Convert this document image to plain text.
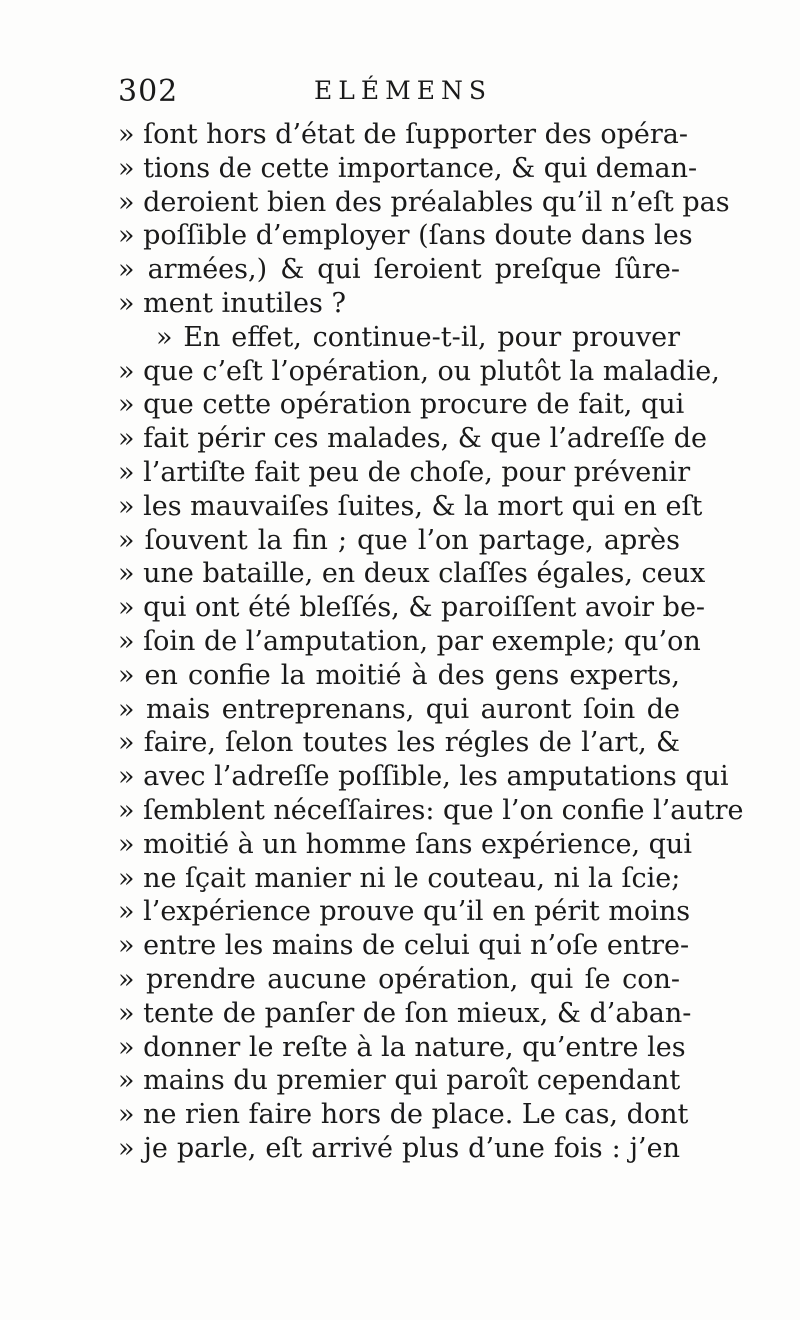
302	ELÉMENS
» ſont hors d’état de ſupporter des opéra-
» tions de cette importance, & qui deman-
» deroient bien des préalables qu’il n’eſt pas
» poſſible d’employer (ſans doute dans les
» armées,) & qui ſeroient preſque ſûre-
» ment inutiles ?
» En effet, continue-t-il, pour prouver
» que c’eſt l’opération, ou plutôt la maladie,
» que cette opération procure de fait, qui
» fait périr ces malades, & que l’adreſſe de
» l’artiſte fait peu de choſe, pour prévenir
» les mauvaiſes ſuites, & la mort qui en eſt
» ſouvent la fin ; que l’on partage, après
» une bataille, en deux claſſes égales, ceux
» qui ont été bleſſés, & paroiſſent avoir be-
» ſoin de l’amputation, par exemple; qu’on
» en confie la moitié à des gens experts,
» mais entreprenans, qui auront ſoin de
» faire, ſelon toutes les régles de l’art, &
» avec l’adreſſe poſſible, les amputations qui
» ſemblent néceſſaires: que l’on confie l’autre
» moitié à un homme ſans expérience, qui
» ne ſçait manier ni le couteau, ni la ſcie;
» l’expérience prouve qu’il en périt moins
» entre les mains de celui qui n’oſe entre-
» prendre aucune opération, qui ſe con-
» tente de panſer de ſon mieux, & d’aban-
» donner le reſte à la nature, qu’entre les
» mains du premier qui paroît cependant
» ne rien faire hors de place. Le cas, dont
» je parle, eſt arrivé plus d’une fois : j’en
